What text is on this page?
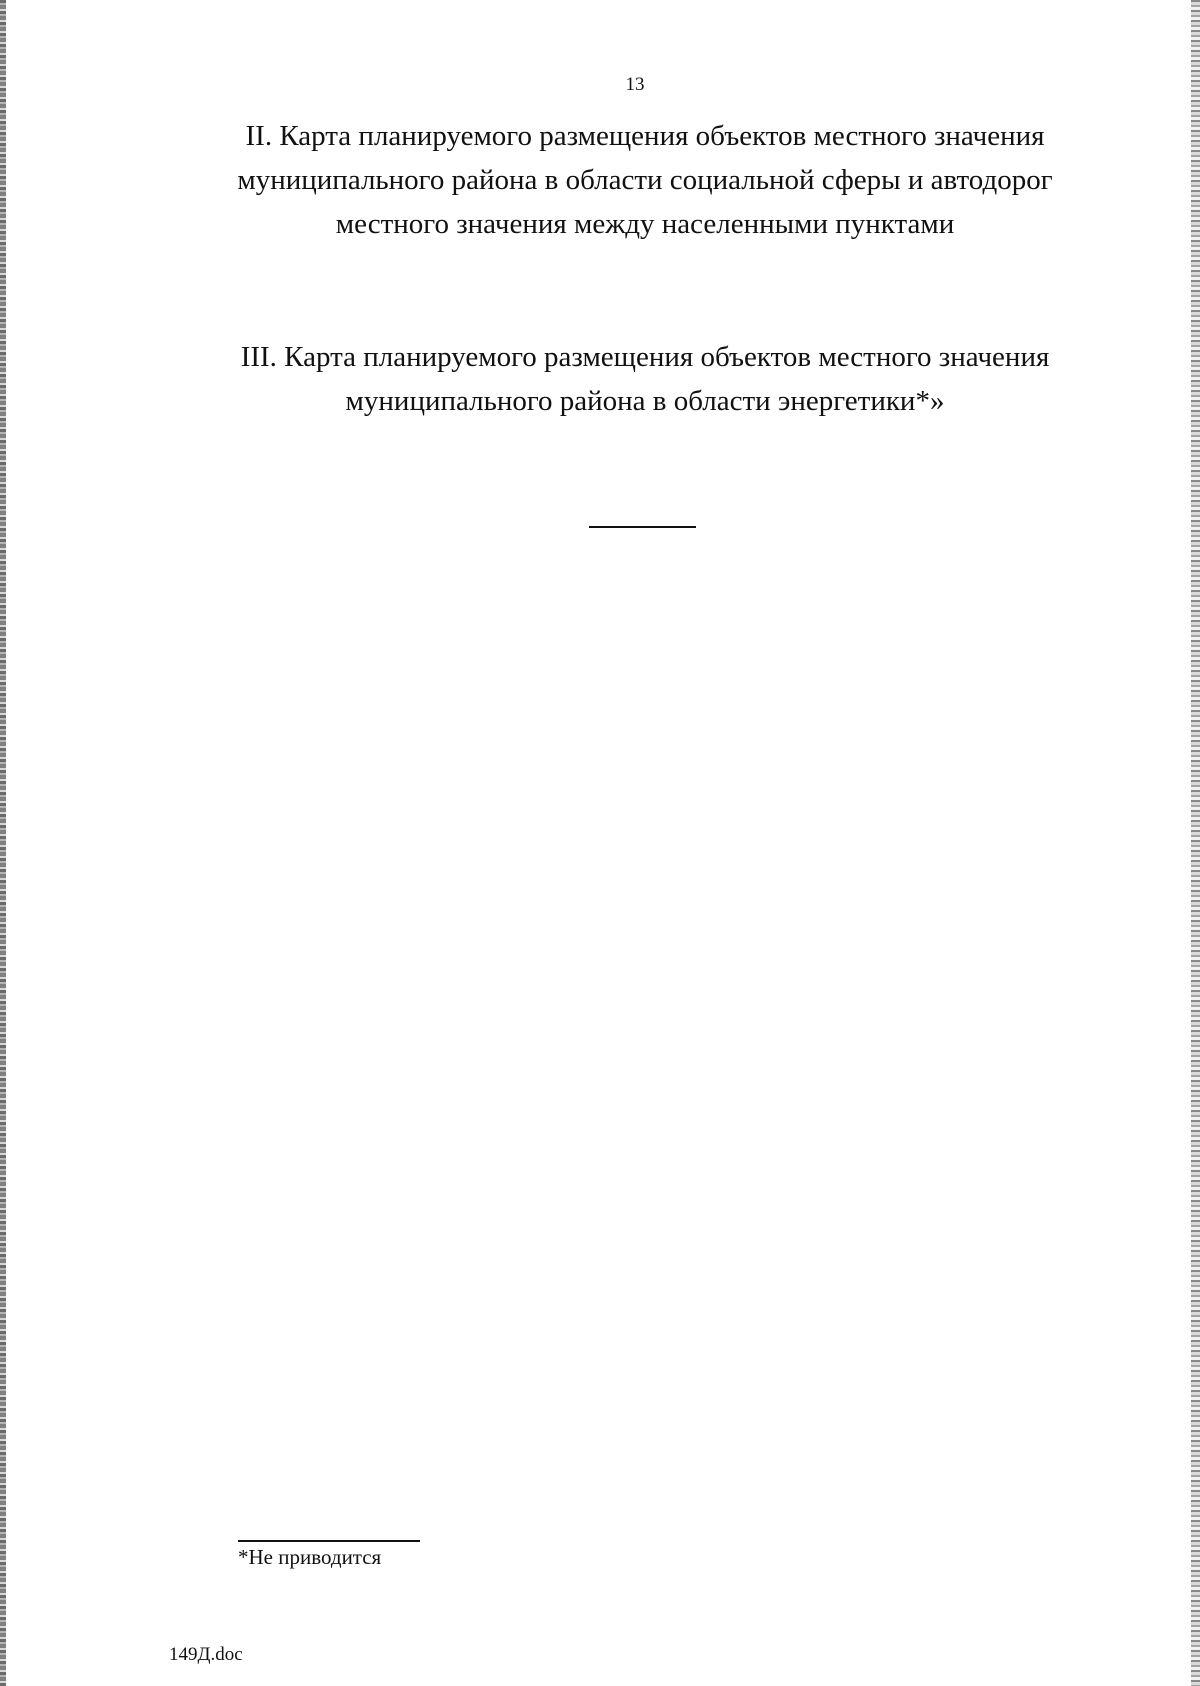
13
II. Карта планируемого размещения объектов местного значения
муниципального района в области социальной сферы и автодорог
местного значения между населенными пунктами
III. Карта планируемого размещения объектов местного значения
муниципального района в области энергетики*»
*Не приводится
149Д.doc
